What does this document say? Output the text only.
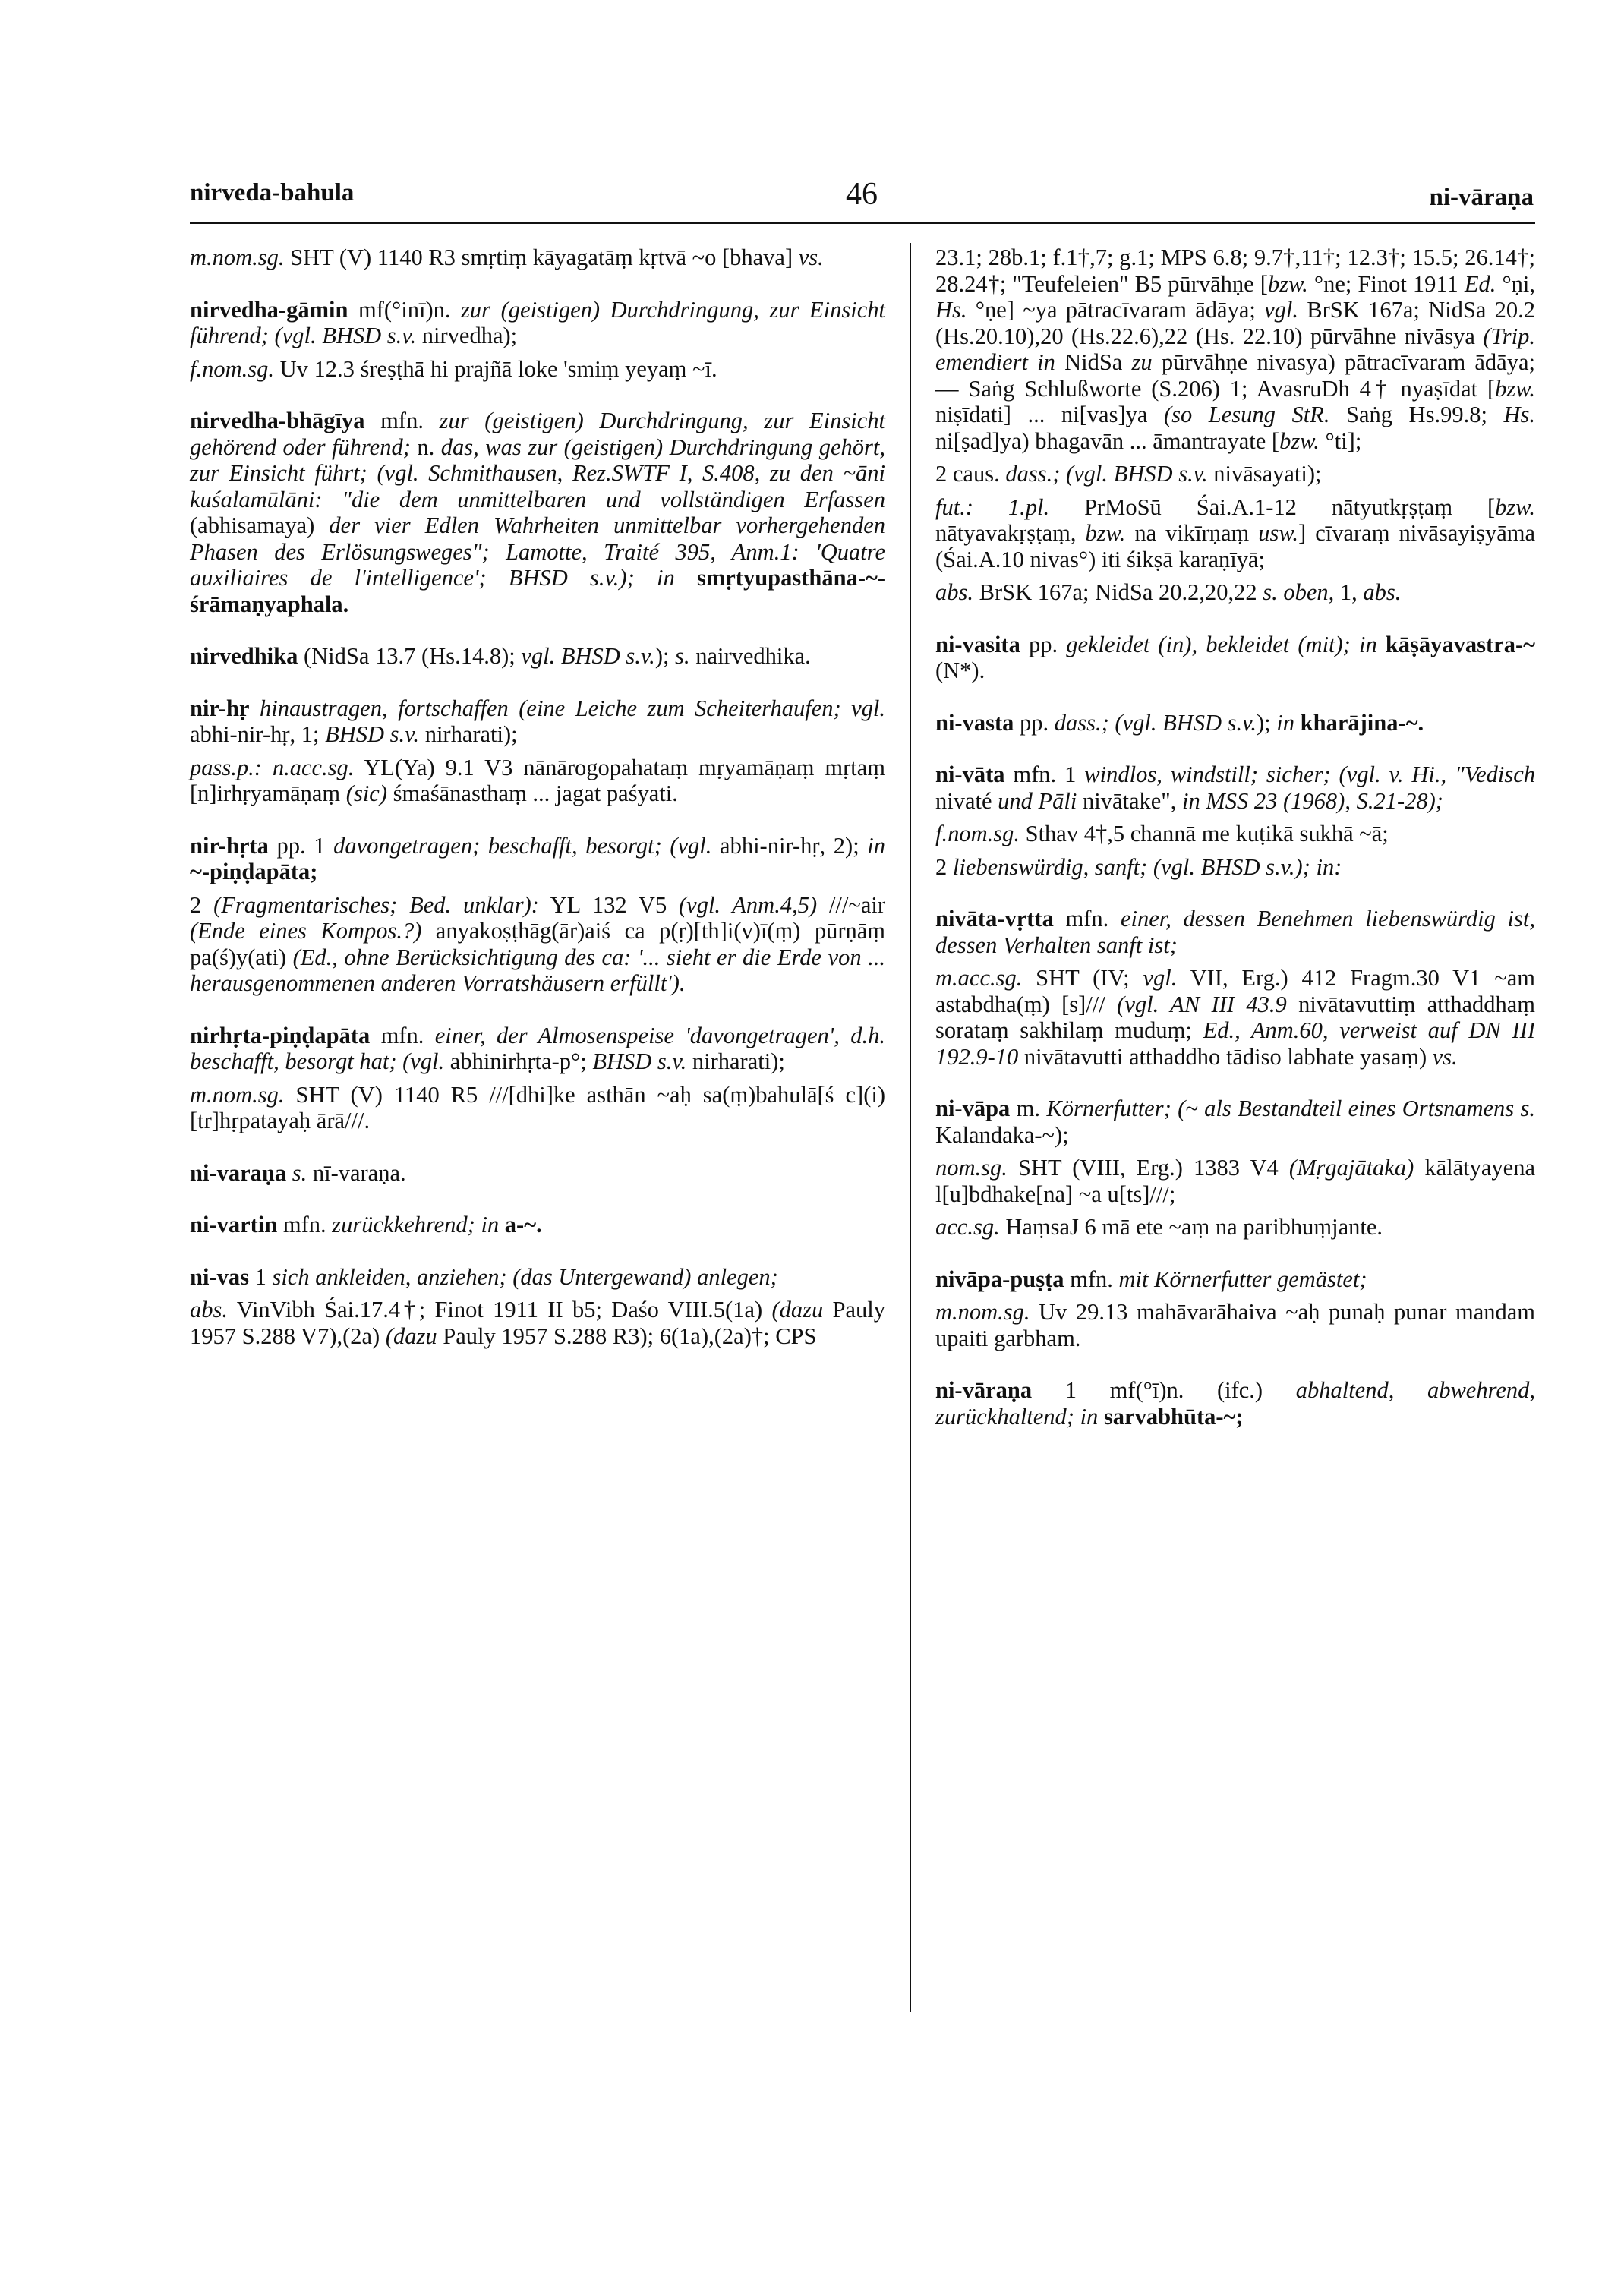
nirveda-bahula	46	ni-vāraṇa

m.nom.sg. SHT (V) 1140 R3 smṛtiṃ kāyagatāṃ kṛtvā ~o [bhava] vs.

nirvedha-gāmin mf(°inī)n. zur (geistigen) Durchdringung, zur Einsicht führend; (vgl. BHSD s.v. nirvedha);

f.nom.sg. Uv 12.3 śreṣṭhā hi prajñā loke 'smiṃ yeyaṃ ~ī.

nirvedha-bhāgīya mfn. zur (geistigen) Durchdringung, zur Einsicht gehörend oder führend; n. das, was zur (geistigen) Durchdringung gehört, zur Einsicht führt; (vgl. Schmithausen, Rez.SWTF I, S.408, zu den ~āni kuśalamūlāni: "die dem unmittelbaren und vollständigen Erfassen (abhisamaya) der vier Edlen Wahrheiten unmittelbar vorhergehenden Phasen des Erlösungsweges"; Lamotte, Traité 395, Anm.1: 'Quatre auxiliaires de l'intelligence'; BHSD s.v.); in smṛtyupasthāna-~-śrāmaṇyaphala.

nirvedhika (NidSa 13.7 (Hs.14.8); vgl. BHSD s.v.); s. nairvedhika.

nir-hṛ hinaustragen, fortschaffen (eine Leiche zum Scheiterhaufen; vgl. abhi-nir-hṛ, 1; BHSD s.v. nirharati);

pass.p.: n.acc.sg. YL(Ya) 9.1 V3 nānārogopahataṃ mṛyamāṇaṃ mṛtaṃ [n]irhṛyamāṇaṃ (sic) śmaśānasthaṃ ... jagat paśyati.

nir-hṛta pp. 1 davongetragen; beschafft, besorgt; (vgl. abhi-nir-hṛ, 2); in ~-piṇḍapāta;

2 (Fragmentarisches; Bed. unklar): YL 132 V5 (vgl. Anm.4,5) ///~air (Ende eines Kompos.?) anyakoṣṭhāg(ār)aiś ca p(ṛ)[th]i(v)ī(ṃ) pūrṇāṃ pa(ś)y(ati) (Ed., ohne Berücksichtigung des ca: '... sieht er die Erde von ... herausgenommenen anderen Vorratshäusern erfüllt').

nirhṛta-piṇḍapāta mfn. einer, der Almosenspeise 'davongetragen', d.h. beschafft, besorgt hat; (vgl. abhinirhṛta-p°; BHSD s.v. nirharati);

m.nom.sg. SHT (V) 1140 R5 ///[dhi]ke asthān ~aḥ sa(ṃ)bahulā[ś c](i)[tr]hṛpatayaḥ ārā///.

ni-varaṇa s. nī-varaṇa.

ni-vartin mfn. zurückkehrend; in a-~.

ni-vas 1 sich ankleiden, anziehen; (das Untergewand) anlegen;

abs. VinVibh Śai.17.4†; Finot 1911 II b5; Daśo VIII.5(1a) (dazu Pauly 1957 S.288 V7),(2a) (dazu Pauly 1957 S.288 R3); 6(1a),(2a)†; CPS

23.1; 28b.1; f.1†,7; g.1; MPS 6.8; 9.7†,11†; 12.3†; 15.5; 26.14†; 28.24†; "Teufeleien" B5 pūrvāhṇe [bzw. °ne; Finot 1911 Ed. °ṇi, Hs. °ṇe] ~ya pātracīvaram ādāya; vgl. BrSK 167a; NidSa 20.2 (Hs.20.10),20 (Hs.22.6),22 (Hs. 22.10) pūrvāhne nivāsya (Trip. emendiert in NidSa zu pūrvāhṇe nivasya) pātracīvaram ādāya; — Saṅg Schlußworte (S.206) 1; AvasruDh 4† nyaṣīdat [bzw. niṣīdati] ... ni[vas]ya (so Lesung StR. Saṅg Hs.99.8; Hs. ni[ṣad]ya) bhagavān ... āmantrayate [bzw. °ti];

2 caus. dass.; (vgl. BHSD s.v. nivāsayati);

fut.: 1.pl. PrMoSū Śai.A.1-12 nātyutkṛṣṭaṃ [bzw. nātyavakṛṣṭaṃ, bzw. na vikīrṇaṃ usw.] cīvaraṃ nivāsayiṣyāma (Śai.A.10 nivas°) iti śikṣā karaṇīyā;

abs. BrSK 167a; NidSa 20.2,20,22 s. oben, 1, abs.

ni-vasita pp. gekleidet (in), bekleidet (mit); in kāṣāyavastra-~ (N*).

ni-vasta pp. dass.; (vgl. BHSD s.v.); in kharājina-~.

ni-vāta mfn. 1 windlos, windstill; sicher; (vgl. v. Hi., "Vedisch nivaté und Pāli nivātake", in MSS 23 (1968), S.21-28);

f.nom.sg. Sthav 4†,5 channā me kuṭikā sukhā ~ā;

2 liebenswürdig, sanft; (vgl. BHSD s.v.); in:

nivāta-vṛtta mfn. einer, dessen Benehmen liebenswürdig ist, dessen Verhalten sanft ist;

m.acc.sg. SHT (IV; vgl. VII, Erg.) 412 Fragm.30 V1 ~am astabdha(ṃ) [s]/// (vgl. AN III 43.9 nivātavuttiṃ atthaddhaṃ sorataṃ sakhilaṃ muduṃ; Ed., Anm.60, verweist auf DN III 192.9-10 nivātavutti atthaddho tādiso labhate yasaṃ) vs.

ni-vāpa m. Körnerfutter; (~ als Bestandteil eines Ortsnamens s. Kalandaka-~);

nom.sg. SHT (VIII, Erg.) 1383 V4 (Mṛgajātaka) kālātyayena l[u]bdhake[na] ~a u[ts]///;

acc.sg. HaṃsaJ 6 mā ete ~aṃ na paribhuṃjante.

nivāpa-puṣṭa mfn. mit Körnerfutter gemästet;

m.nom.sg. Uv 29.13 mahāvarāhaiva ~aḥ punaḥ punar mandam upaiti garbham.

ni-vāraṇa 1 mf(°ī)n. (ifc.) abhaltend, abwehrend, zurückhaltend; in sarvabhūta-~;
